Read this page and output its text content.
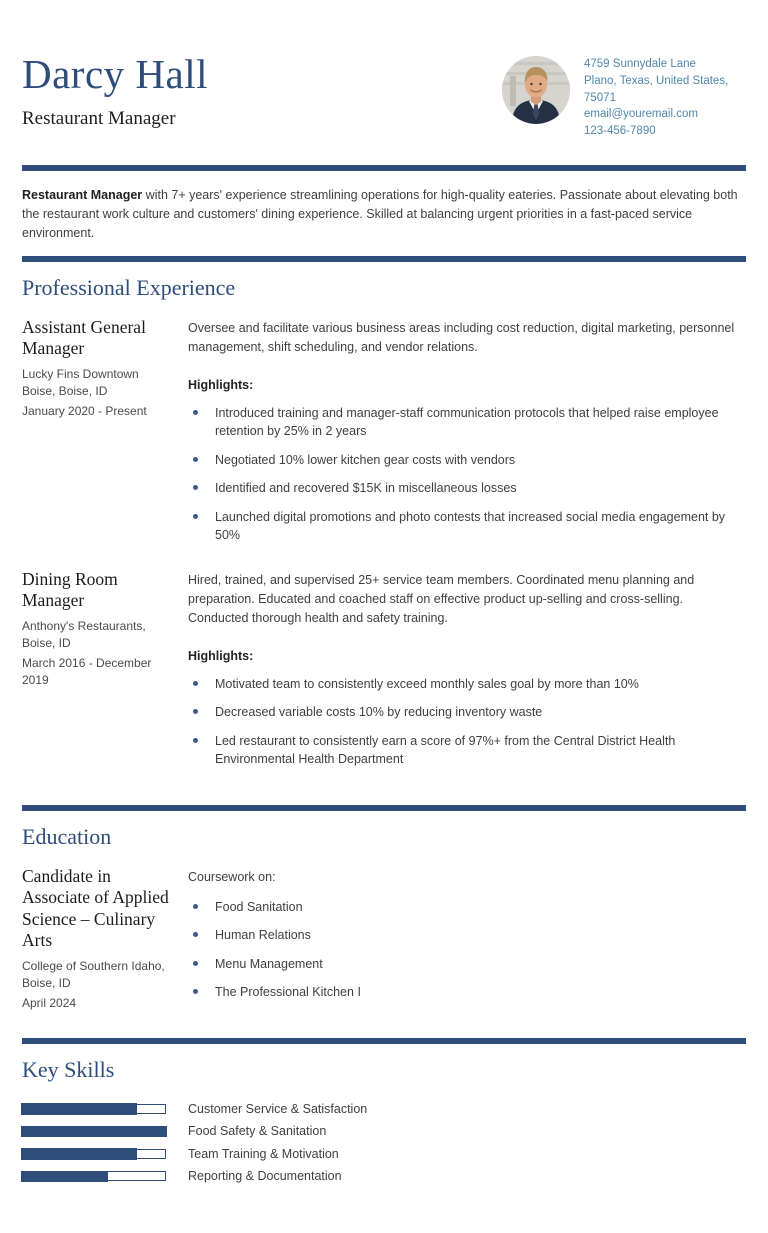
Darcy Hall
Restaurant Manager
4759 Sunnydale Lane
Plano, Texas, United States,
75071
email@youremail.com
123-456-7890

Restaurant Manager with 7+ years' experience streamlining operations for high-quality eateries. Passionate about elevating both the restaurant work culture and customers' dining experience. Skilled at balancing urgent priorities in a fast-paced service environment.

Professional Experience
Assistant General Manager
Lucky Fins Downtown Boise, Boise, ID
January 2020 - Present

Oversee and facilitate various business areas including cost reduction, digital marketing, personnel management, shift scheduling, and vendor relations.

Highlights:
Introduced training and manager-staff communication protocols that helped raise employee retention by 25% in 2 years
Negotiated 10% lower kitchen gear costs with vendors
Identified and recovered $15K in miscellaneous losses
Launched digital promotions and photo contests that increased social media engagement by 50%
Dining Room Manager
Anthony's Restaurants, Boise, ID
March 2016 - December 2019

Hired, trained, and supervised 25+ service team members. Coordinated menu planning and preparation. Educated and coached staff on effective product up-selling and cross-selling. Conducted thorough health and safety training.

Highlights:
Motivated team to consistently exceed monthly sales goal by more than 10%
Decreased variable costs 10% by reducing inventory waste
Led restaurant to consistently earn a score of 97%+ from the Central District Health Environmental Health Department
Education
Candidate in Associate of Applied Science – Culinary Arts
College of Southern Idaho, Boise, ID
April 2024
Coursework on:
Food Sanitation
Human Relations
Menu Management
The Professional Kitchen I
Key Skills
Customer Service & Satisfaction
Food Safety & Sanitation
Team Training & Motivation
Reporting & Documentation
